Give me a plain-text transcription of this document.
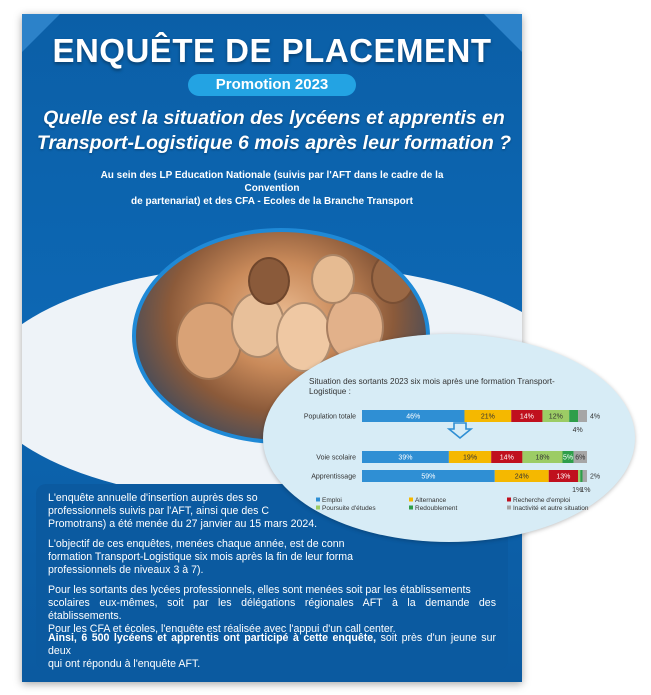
ENQUÊTE DE PLACEMENT
Promotion 2023
Quelle est la situation des lycéens et apprentis en
Transport-Logistique 6 mois après leur formation ?
Au sein des LP Education Nationale (suivis par l'AFT dans le cadre de la Convention
de partenariat) et des CFA - Ecoles de la Branche Transport

L'enquête annuelle d'insertion auprès des so
professionnels suivis par l'AFT, ainsi que des C
Promotrans) a été menée du 27 janvier au 15 mars 2024.

L'objectif de ces enquêtes, menées chaque année, est de conn
formation Transport-Logistique six mois après la fin de leur forma
professionnels de niveaux 3 à 7).

Pour les sortants des lycées professionnels, elles sont menées soit par les établissements
scolaires eux-mêmes, soit par les délégations régionales AFT à la demande des établissements.
Pour les CFA et écoles, l'enquête est réalisée avec l'appui d'un call center.

Ainsi, 6 500 lycéens et apprentis ont participé à cette enquête, soit près d'un jeune sur deux
qui ont répondu à l'enquête AFT.

Situation des sortants 2023 six mois après une formation Transport-
Logistique :
Population totale	46%	21%	14% 12%
4%
4%
Voie scolaire	39%	19%	14%	18% 5% 6%
Apprentissage	59%	24%	13%
1%
1%
2%
Emploi	Alternance	Recherche d'emploi
Poursuite d'études	Redoublement	Inactivité et autre situation
